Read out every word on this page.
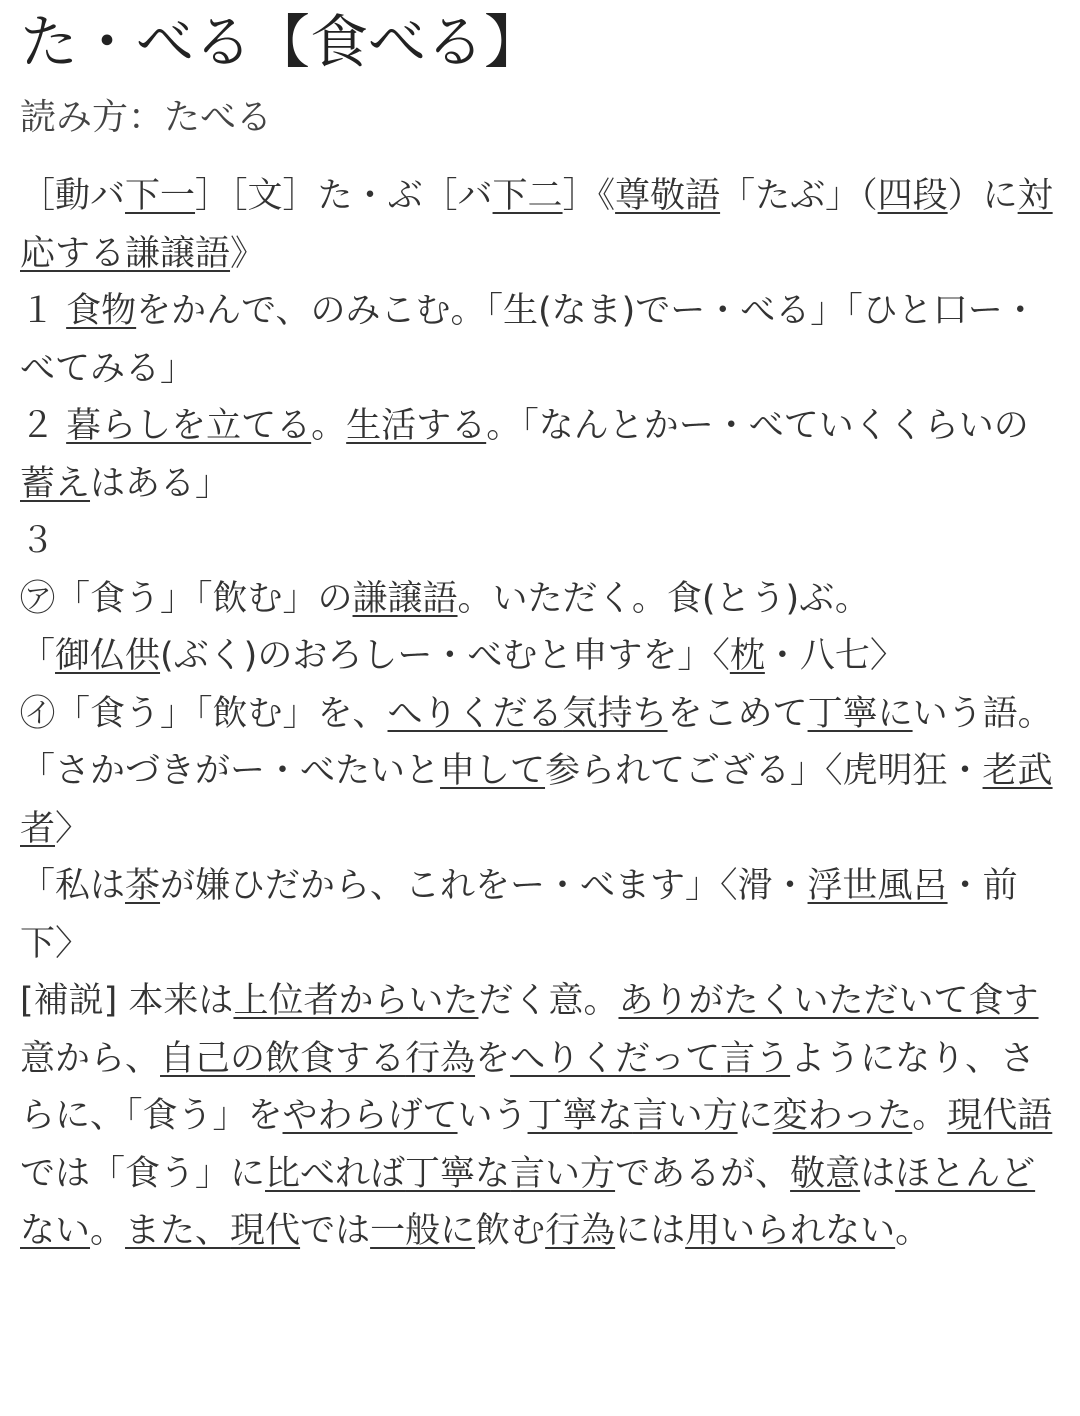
た・べる【食べる】
読み方：たべる

［動バ下一］［文］た・ぶ［バ下二］《尊敬語「たぶ」（四段）に対応する謙譲語》

１ 食物をかんで、のみこむ。「生(なま)でー・べる」「ひと口ー・べてみる」

２ 暮らしを立てる。生活する。「なんとかー・べていくくらいの蓄えはある」

３

㋐「食う」「飲む」の謙譲語。いただく。食(とう)ぶ。

「御仏供(ぶく)のおろしー・べむと申すを」〈枕・八七〉

㋑「食う」「飲む」を、へりくだる気持ちをこめて丁寧にいう語。

「さかづきがー・べたいと申して参られてござる」〈虎明狂・老武者〉

「私は茶が嫌ひだから、これをー・べます」〈滑・浮世風呂・前下〉

[補説] 本来は上位者からいただく意。ありがたくいただいて食す意から、自己の飲食する行為をへりくだって言うようになり、さらに、「食う」をやわらげていう丁寧な言い方に変わった。現代語では「食う」に比べれば丁寧な言い方であるが、敬意はほとんどない。また、現代では一般に飲む行為には用いられない。
